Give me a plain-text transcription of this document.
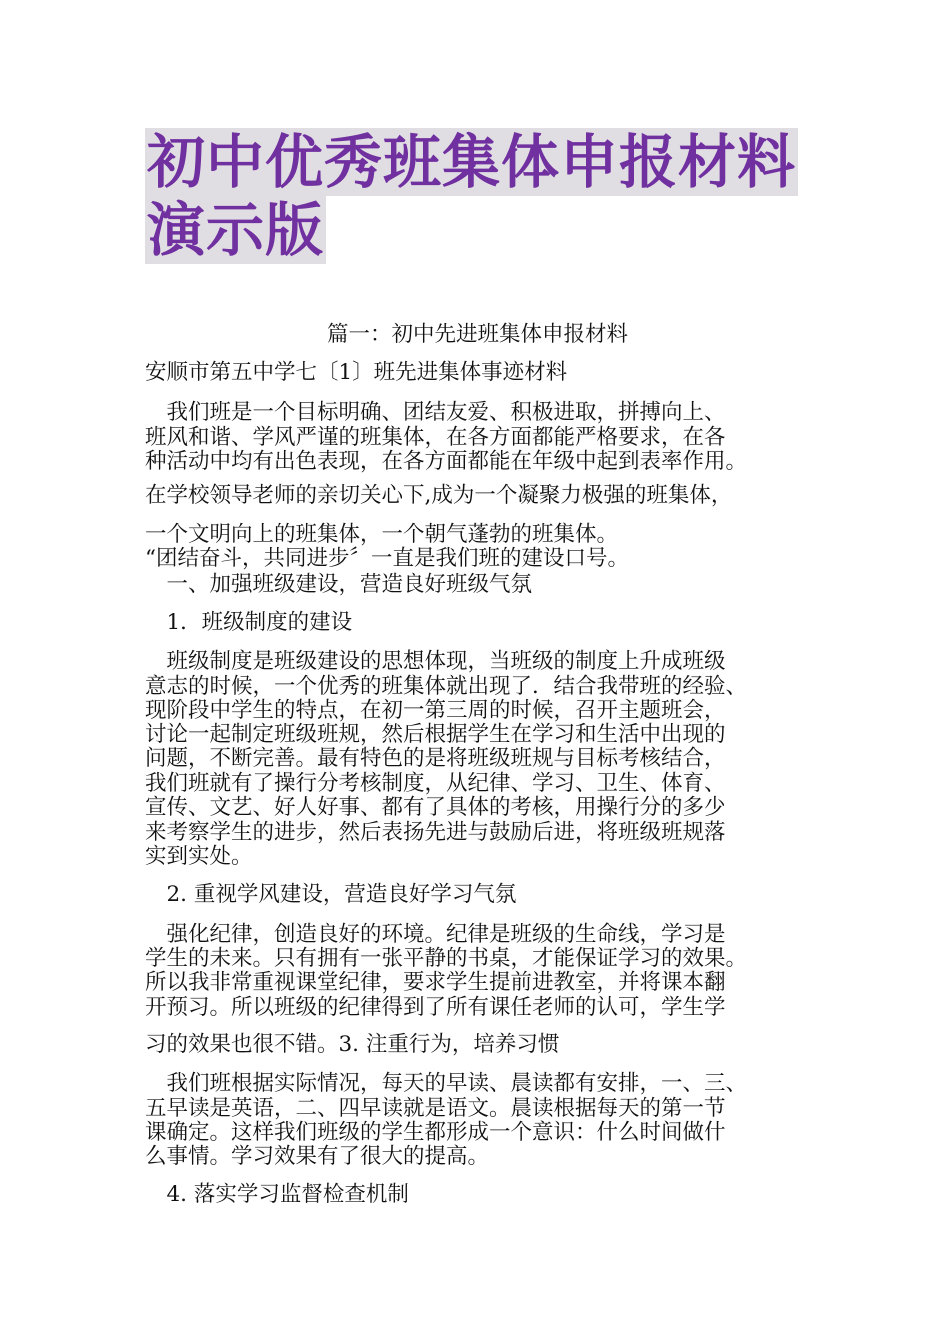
初中优秀班集体申报材料
演示版

篇一：初中先进班集体申报材料

安顺市第五中学七〔1〕班先进集体事迹材料

　我们班是一个目标明确、团结友爱、积极进取，拼搏向上、

班风和谐、学风严谨的班集体，在各方面都能严格要求，在各

种活动中均有出色表现，在各方面都能在年级中起到表率作用。

在学校领导老师的亲切关心下,成为一个凝聚力极强的班集体，

一个文明向上的班集体，一个朝气蓬勃的班集体。

“团结奋斗，共同进步〞一直是我们班的建设口号。

　一、加强班级建设，营造良好班级气氛

　1．班级制度的建设

　班级制度是班级建设的思想体现，当班级的制度上升成班级

意志的时候，一个优秀的班集体就出现了．结合我带班的经验、

现阶段中学生的特点，在初一第三周的时候，召开主题班会，

讨论一起制定班级班规，然后根据学生在学习和生活中出现的

问题，不断完善。最有特色的是将班级班规与目标考核结合，

我们班就有了操行分考核制度，从纪律、学习、卫生、体育、

宣传、文艺、好人好事、都有了具体的考核，用操行分的多少

来考察学生的进步，然后表扬先进与鼓励后进，将班级班规落

实到实处。

　2. 重视学风建设，营造良好学习气氛

　强化纪律，创造良好的环境。纪律是班级的生命线，学习是

学生的未来。只有拥有一张平静的书桌，才能保证学习的效果。

所以我非常重视课堂纪律，要求学生提前进教室，并将课本翻

开预习。所以班级的纪律得到了所有课任老师的认可，学生学

习的效果也很不错。3. 注重行为，培养习惯

　我们班根据实际情况，每天的早读、晨读都有安排，一、三、

五早读是英语，二、四早读就是语文。晨读根据每天的第一节

课确定。这样我们班级的学生都形成一个意识：什么时间做什

么事情。学习效果有了很大的提高。

　4. 落实学习监督检查机制
